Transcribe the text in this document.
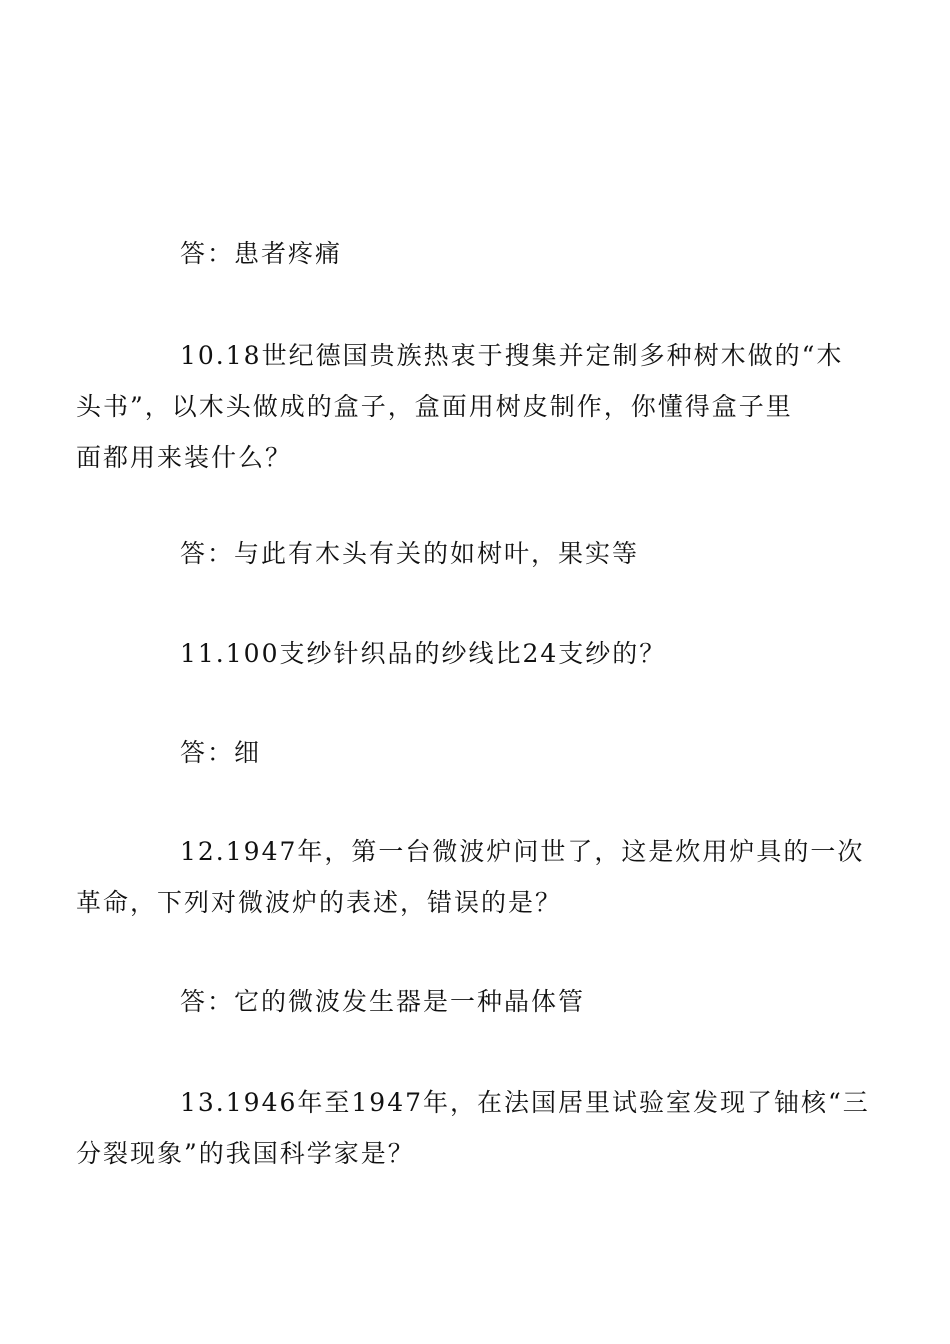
答：患者疼痛

10.18世纪德国贵族热衷于搜集并定制多种树木做的“木
头书”，以木头做成的盒子，盒面用树皮制作，你懂得盒子里
面都用来装什么？

答：与此有木头有关的如树叶，果实等

11.100支纱针织品的纱线比24支纱的？

答：细

12.1947年，第一台微波炉问世了，这是炊用炉具的一次
革命，下列对微波炉的表述，错误的是？

答：它的微波发生器是一种晶体管

13.1946年至1947年，在法国居里试验室发现了铀核“三
分裂现象”的我国科学家是？
